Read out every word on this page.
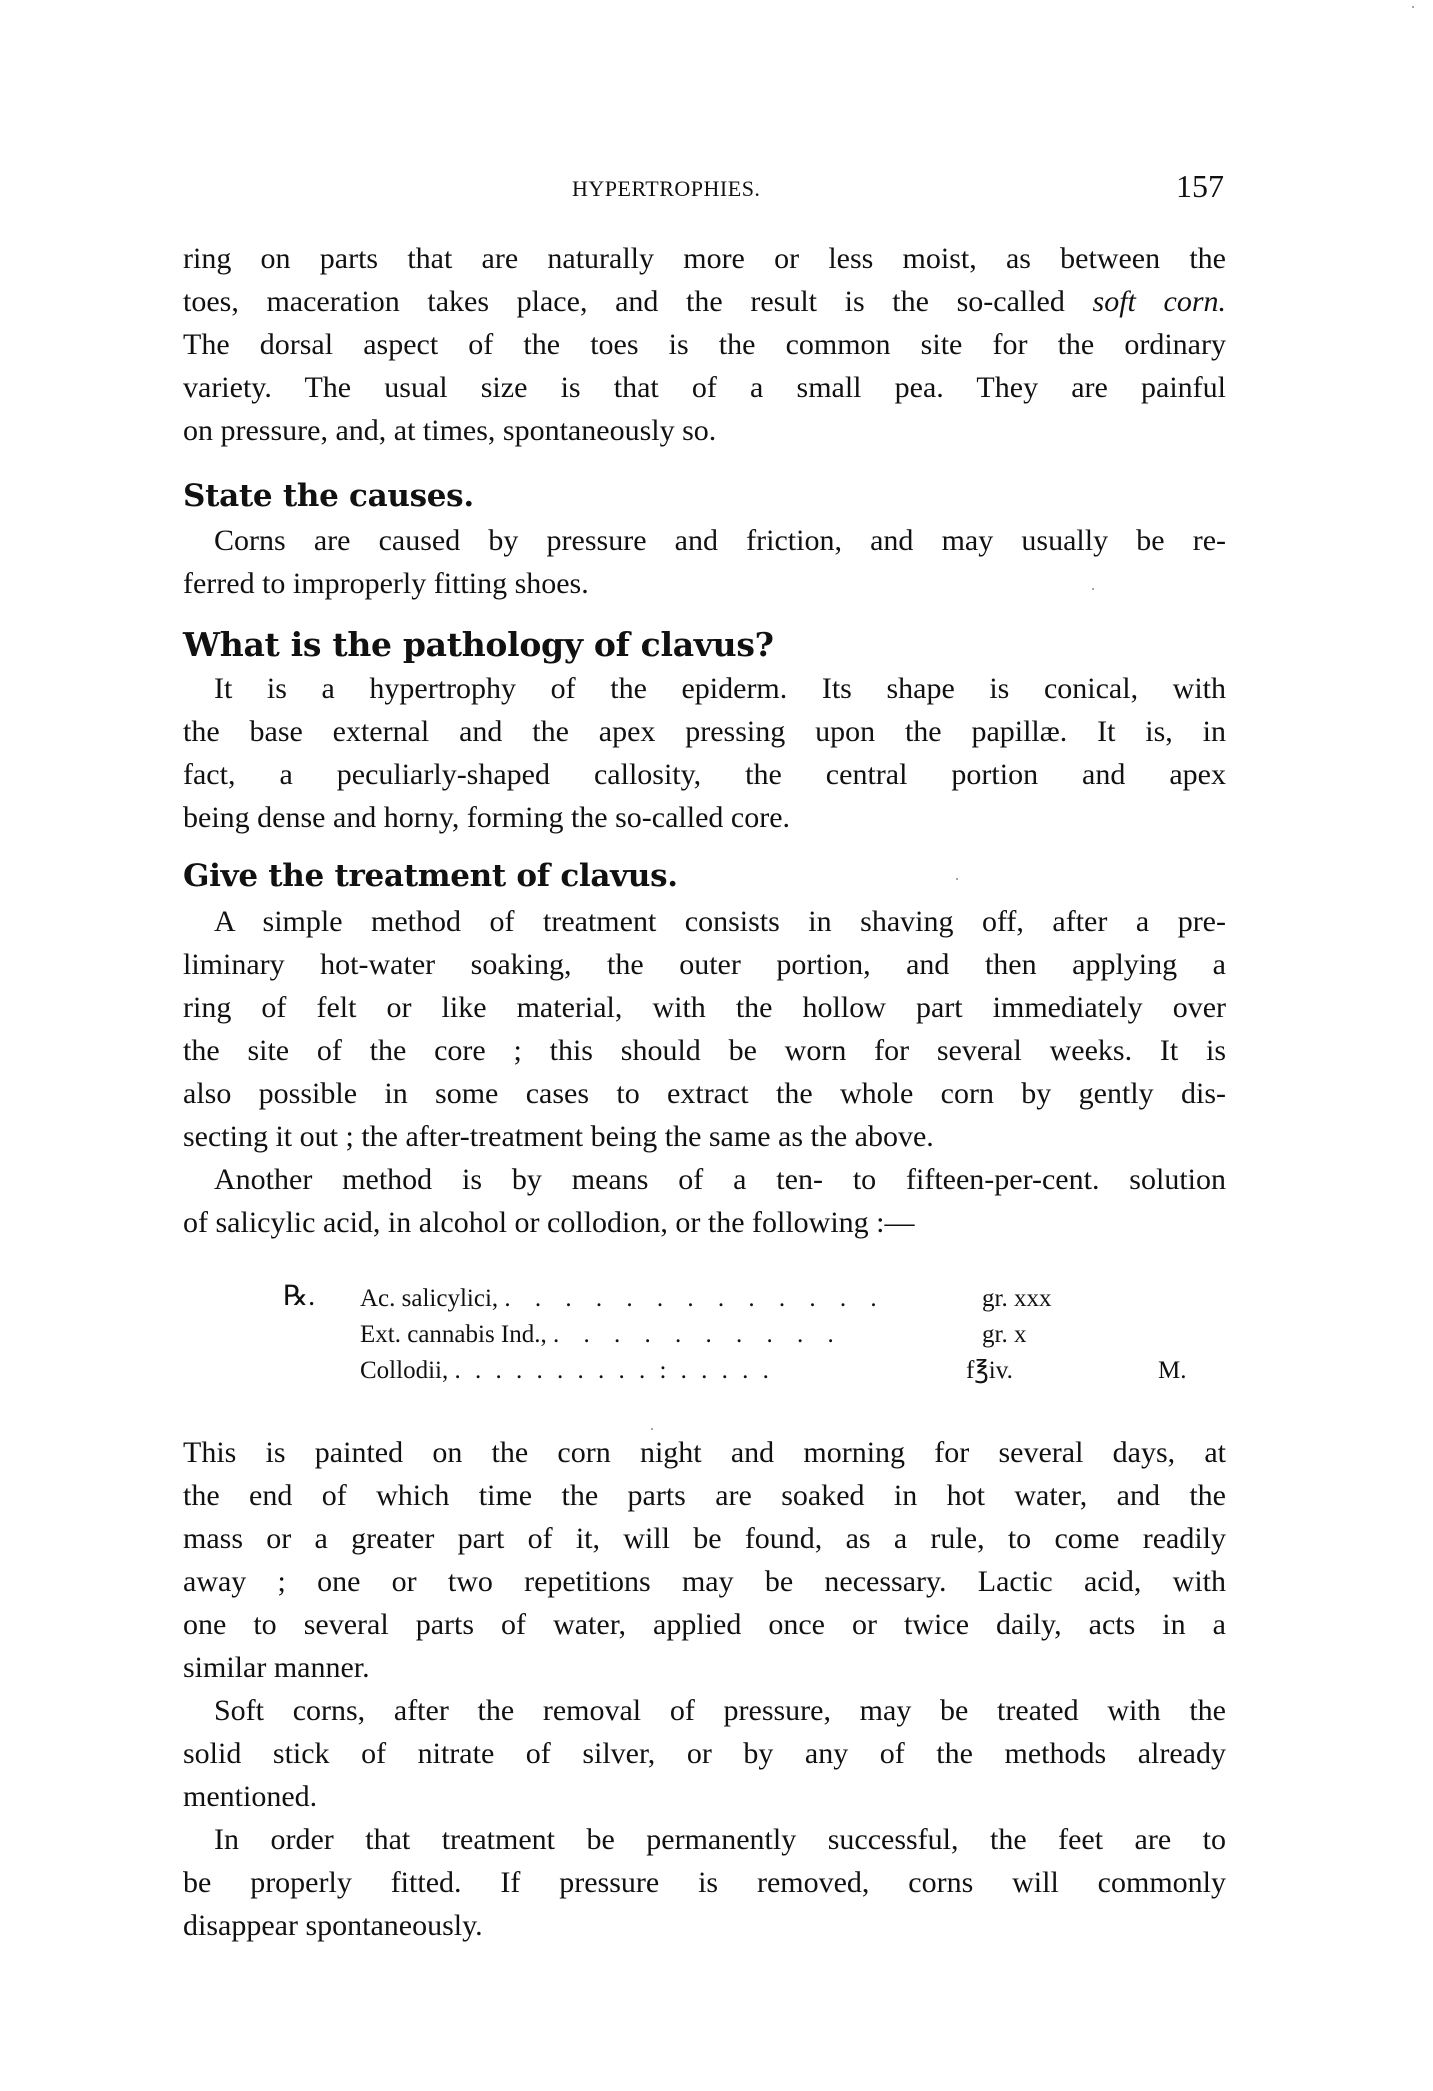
HYPERTROPHIES.	157
ring on parts that are naturally more or less moist, as between the
toes, maceration takes place, and the result is the so-called soft corn.
The dorsal aspect of the toes is the common site for the ordinary
variety. The usual size is that of a small pea. They are painful
on pressure, and, at times, spontaneously so.
State the causes.
Corns are caused by pressure and friction, and may usually be re-
ferred to improperly fitting shoes.
What is the pathology of clavus?
It is a hypertrophy of the epiderm. Its shape is conical, with
the base external and the apex pressing upon the papillæ. It is, in
fact, a peculiarly-shaped callosity, the central portion and apex
being dense and horny, forming the so-called core.
Give the treatment of clavus.
A simple method of treatment consists in shaving off, after a pre-
liminary hot-water soaking, the outer portion, and then applying a
ring of felt or like material, with the hollow part immediately over
the site of the core ; this should be worn for several weeks. It is
also possible in some cases to extract the whole corn by gently dis-
secting it out ; the after-treatment being the same as the above.
Another method is by means of a ten- to fifteen-per-cent. solution
of salicylic acid, in alcohol or collodion, or the following :—
℞. Ac. salicylici, . . . . . . . . . . . . .	gr. xxx
Ext. cannabis Ind., . . . . . . . . . .	gr. x
Collodii, . . . . . . . . . . : . . . . .	f℥iv.	M.
This is painted on the corn night and morning for several days, at
the end of which time the parts are soaked in hot water, and the
mass or a greater part of it, will be found, as a rule, to come readily
away ; one or two repetitions may be necessary. Lactic acid, with
one to several parts of water, applied once or twice daily, acts in a
similar manner.
Soft corns, after the removal of pressure, may be treated with the
solid stick of nitrate of silver, or by any of the methods already
mentioned.
In order that treatment be permanently successful, the feet are to
be properly fitted. If pressure is removed, corns will commonly
disappear spontaneously.
